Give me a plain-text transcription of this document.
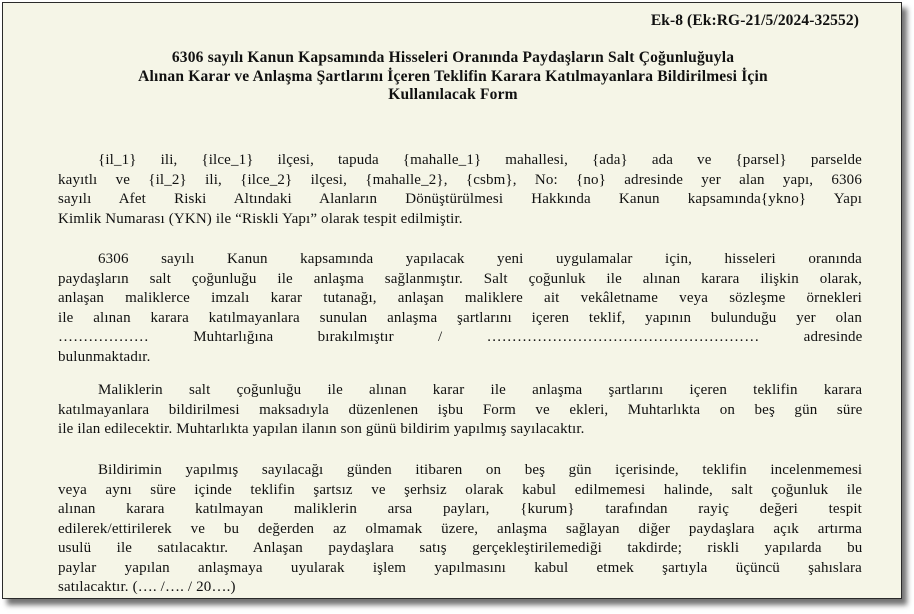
Ek-8 (Ek:RG-21/5/2024-32552)
6306 sayılı Kanun Kapsamında Hisseleri Oranında Paydaşların Salt Çoğunluğuyla
Alınan Karar ve Anlaşma Şartlarını İçeren Teklifin Karara Katılmayanlara Bildirilmesi İçin
Kullanılacak Form
{il_1} ili, {ilce_1} ilçesi, tapuda {mahalle_1} mahallesi, {ada} ada ve {parsel} parselde
kayıtlı ve {il_2} ili, {ilce_2} ilçesi, {mahalle_2}, {csbm}, No: {no} adresinde yer alan yapı, 6306
sayılı Afet Riski Altındaki Alanların Dönüştürülmesi Hakkında Kanun kapsamında{ykno} Yapı
Kimlik Numarası (YKN) ile “Riskli Yapı” olarak tespit edilmiştir.
6306 sayılı Kanun kapsamında yapılacak yeni uygulamalar için, hisseleri oranında
paydaşların salt çoğunluğu ile anlaşma sağlanmıştır. Salt çoğunluk ile alınan karara ilişkin olarak,
anlaşan maliklerce imzalı karar tutanağı, anlaşan maliklere ait vekâletname veya sözleşme örnekleri
ile alınan karara katılmayanlara sunulan anlaşma şartlarını içeren teklif, yapının bulunduğu yer olan
……………… Muhtarlığına bırakılmıştır / ……………………………………………… adresinde
bulunmaktadır.
Maliklerin salt çoğunluğu ile alınan karar ile anlaşma şartlarını içeren teklifin karara
katılmayanlara bildirilmesi maksadıyla düzenlenen işbu Form ve ekleri, Muhtarlıkta on beş gün süre
ile ilan edilecektir. Muhtarlıkta yapılan ilanın son günü bildirim yapılmış sayılacaktır.
Bildirimin yapılmış sayılacağı günden itibaren on beş gün içerisinde, teklifin incelenmemesi
veya aynı süre içinde teklifin şartsız ve şerhsiz olarak kabul edilmemesi halinde, salt çoğunluk ile
alınan karara katılmayan maliklerin arsa payları, {kurum} tarafından rayiç değeri tespit
edilerek/ettirilerek ve bu değerden az olmamak üzere, anlaşma sağlayan diğer paydaşlara açık artırma
usulü ile satılacaktır. Anlaşan paydaşlara satış gerçekleştirilemediği takdirde; riskli yapılarda bu
paylar yapılan anlaşmaya uyularak işlem yapılmasını kabul etmek şartıyla üçüncü şahıslara
satılacaktır. (…. /…. / 20….)
